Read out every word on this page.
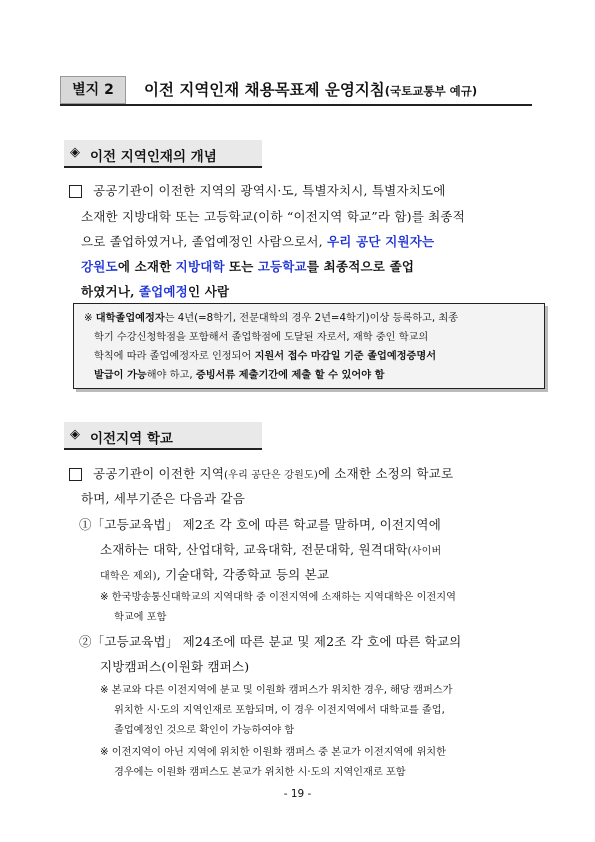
별지 2	이전 지역인재 채용목표제 운영지침(국토교통부 예규)
◈ 이전 지역인재의 개념
공공기관이 이전한 지역의 광역시·도, 특별자치시, 특별자치도에
소재한 지방대학 또는 고등학교(이하 “이전지역 학교”라 함)를 최종적
으로 졸업하였거나, 졸업예정인 사람으로서, 우리 공단 지원자는
강원도에 소재한 지방대학 또는 고등학교를 최종적으로 졸업
하였거나, 졸업예정인 사람
※ 대학졸업예정자는 4년(=8학기, 전문대학의 경우 2년=4학기)이상 등록하고, 최종
학기 수강신청학점을 포함해서 졸업학점에 도달된 자로서, 재학 중인 학교의
학칙에 따라 졸업예정자로 인정되어 지원서 접수 마감일 기준 졸업예정증명서
발급이 가능해야 하고, 증빙서류 제출기간에 제출 할 수 있어야 함
◈ 이전지역 학교
공공기관이 이전한 지역(우리 공단은 강원도)에 소재한 소정의 학교로
하며, 세부기준은 다음과 같음
①「고등교육법」 제2조 각 호에 따른 학교를 말하며, 이전지역에
소재하는 대학, 산업대학, 교육대학, 전문대학, 원격대학(사이버
대학은 제외), 기술대학, 각종학교 등의 본교
※ 한국방송통신대학교의 지역대학 중 이전지역에 소재하는 지역대학은 이전지역
학교에 포함
②「고등교육법」 제24조에 따른 분교 및 제2조 각 호에 따른 학교의
지방캠퍼스(이원화 캠퍼스)
※ 본교와 다른 이전지역에 분교 및 이원화 캠퍼스가 위치한 경우, 해당 캠퍼스가
위치한 시·도의 지역인재로 포함되며, 이 경우 이전지역에서 대학교를 졸업,
졸업예정인 것으로 확인이 가능하여야 함
※ 이전지역이 아닌 지역에 위치한 이원화 캠퍼스 중 본교가 이전지역에 위치한
경우에는 이원화 캠퍼스도 본교가 위치한 시·도의 지역인재로 포함
- 19 -
